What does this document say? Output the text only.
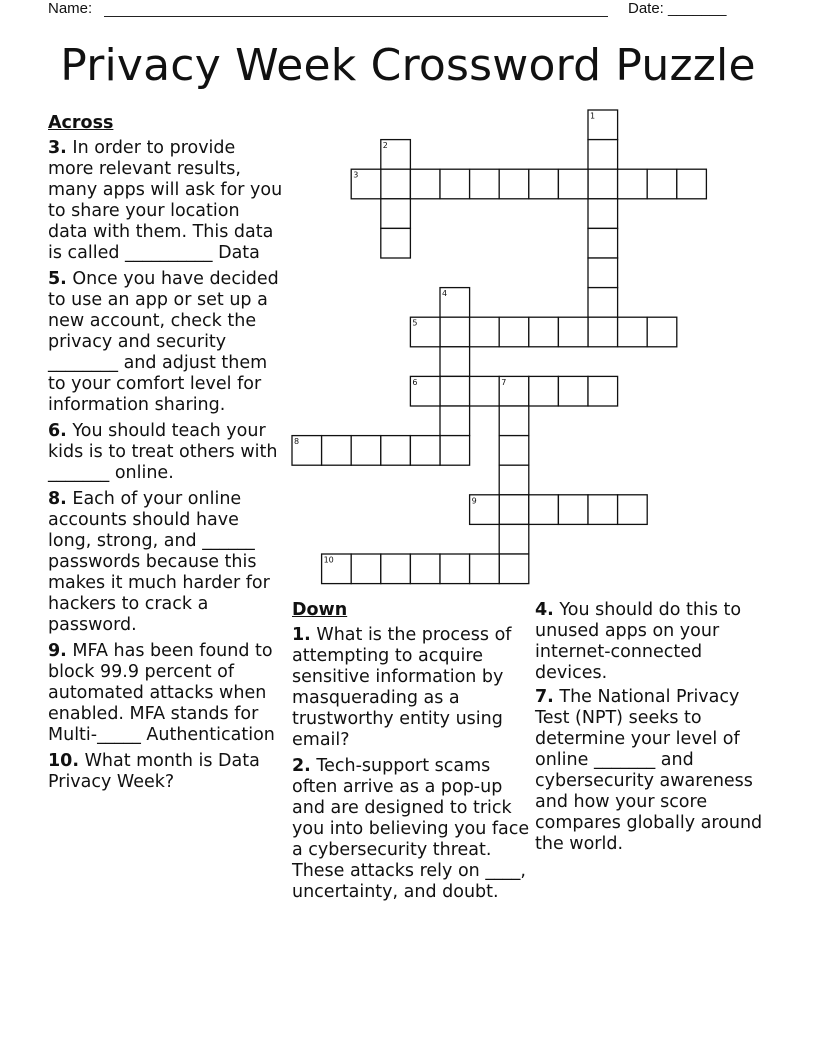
Name:	Date: _______
Privacy Week Crossword Puzzle
Across
3. In order to provide more relevant results, many apps will ask for you to share your location data with them. This data is called __________ Data
5. Once you have decided to use an app or set up a new account, check the privacy and security ________ and adjust them to your comfort level for information sharing.
6. You should teach your kids is to treat others with _______ online.
8. Each of your online accounts should have long, strong, and ______ passwords because this makes it much harder for hackers to crack a password.
9. MFA has been found to block 99.9 percent of automated attacks when enabled. MFA stands for Multi-_____ Authentication
10. What month is Data Privacy Week?
Down
1. What is the process of attempting to acquire sensitive information by masquerading as a trustworthy entity using email?
2. Tech-support scams often arrive as a pop-up and are designed to trick you into believing you face a cybersecurity threat. These attacks rely on ____, uncertainty, and doubt.
4. You should do this to unused apps on your internet-connected devices.
7. The National Privacy Test (NPT) seeks to determine your level of online _______ and cybersecurity awareness and how your score compares globally around the world.
1
2
3
4
5
6	7
8
9
10
